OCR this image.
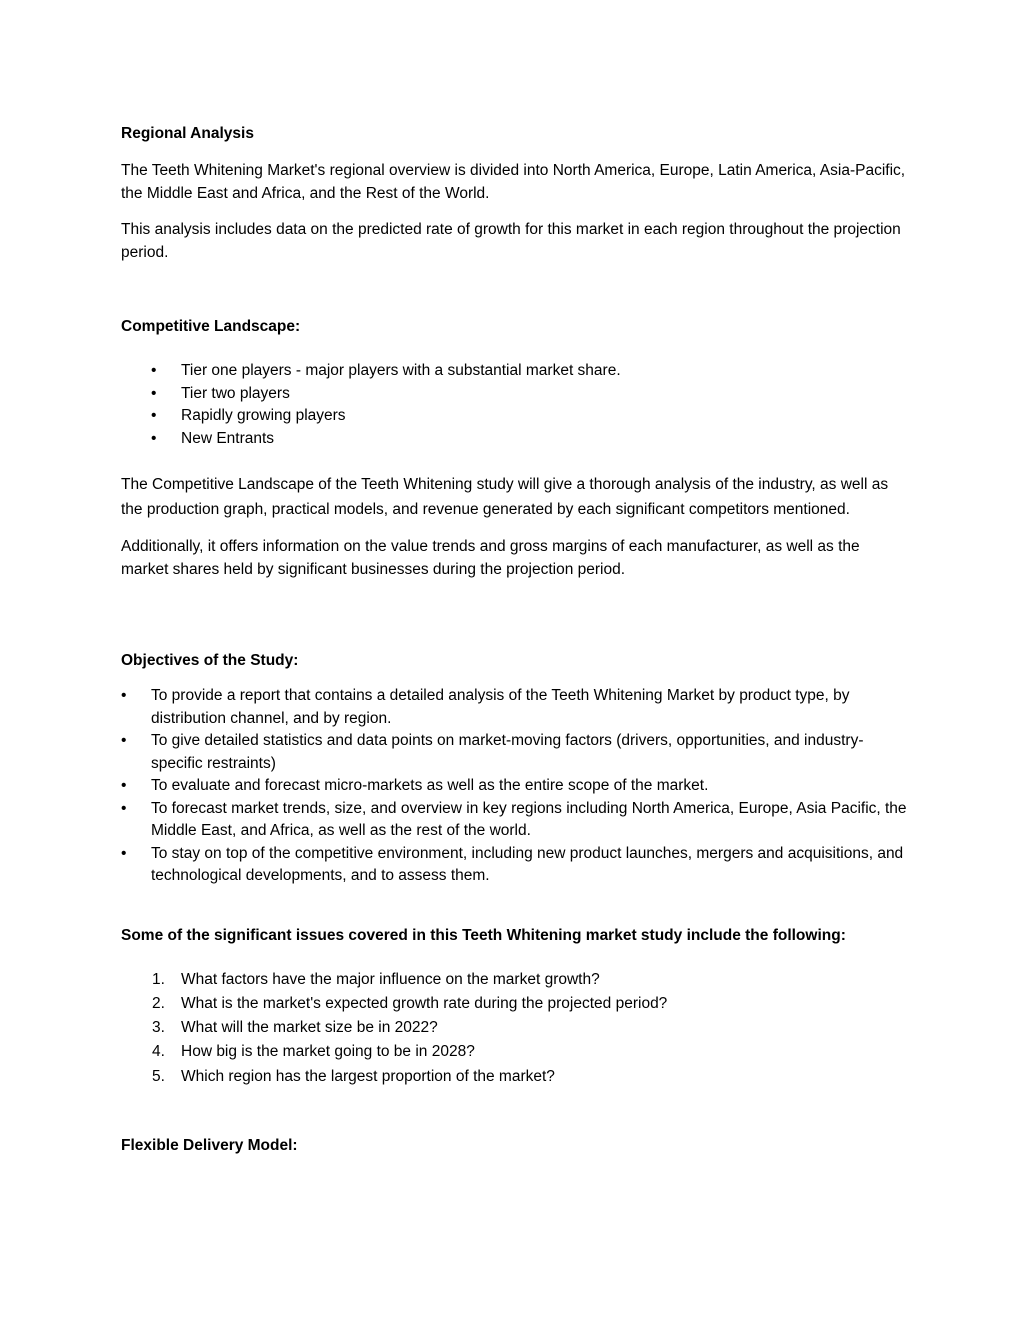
Regional Analysis

The Teeth Whitening Market's regional overview is divided into North America, Europe, Latin America, Asia-Pacific, the Middle East and Africa, and the Rest of the World.

This analysis includes data on the predicted rate of growth for this market in each region throughout the projection period.

Competitive Landscape:
• Tier one players - major players with a substantial market share.
• Tier two players
• Rapidly growing players
• New Entrants

The Competitive Landscape of the Teeth Whitening study will give a thorough analysis of the industry, as well as the production graph, practical models, and revenue generated by each significant competitors mentioned.

Additionally, it offers information on the value trends and gross margins of each manufacturer, as well as the market shares held by significant businesses during the projection period.

Objectives of the Study:
• To provide a report that contains a detailed analysis of the Teeth Whitening Market by product type, by distribution channel, and by region.
• To give detailed statistics and data points on market-moving factors (drivers, opportunities, and industry-specific restraints)
• To evaluate and forecast micro-markets as well as the entire scope of the market.
• To forecast market trends, size, and overview in key regions including North America, Europe, Asia Pacific, the Middle East, and Africa, as well as the rest of the world.
• To stay on top of the competitive environment, including new product launches, mergers and acquisitions, and technological developments, and to assess them.
Some of the significant issues covered in this Teeth Whitening market study include the following:
1. What factors have the major influence on the market growth?
2. What is the market's expected growth rate during the projected period?
3. What will the market size be in 2022?
4. How big is the market going to be in 2028?
5. Which region has the largest proportion of the market?
Flexible Delivery Model:
